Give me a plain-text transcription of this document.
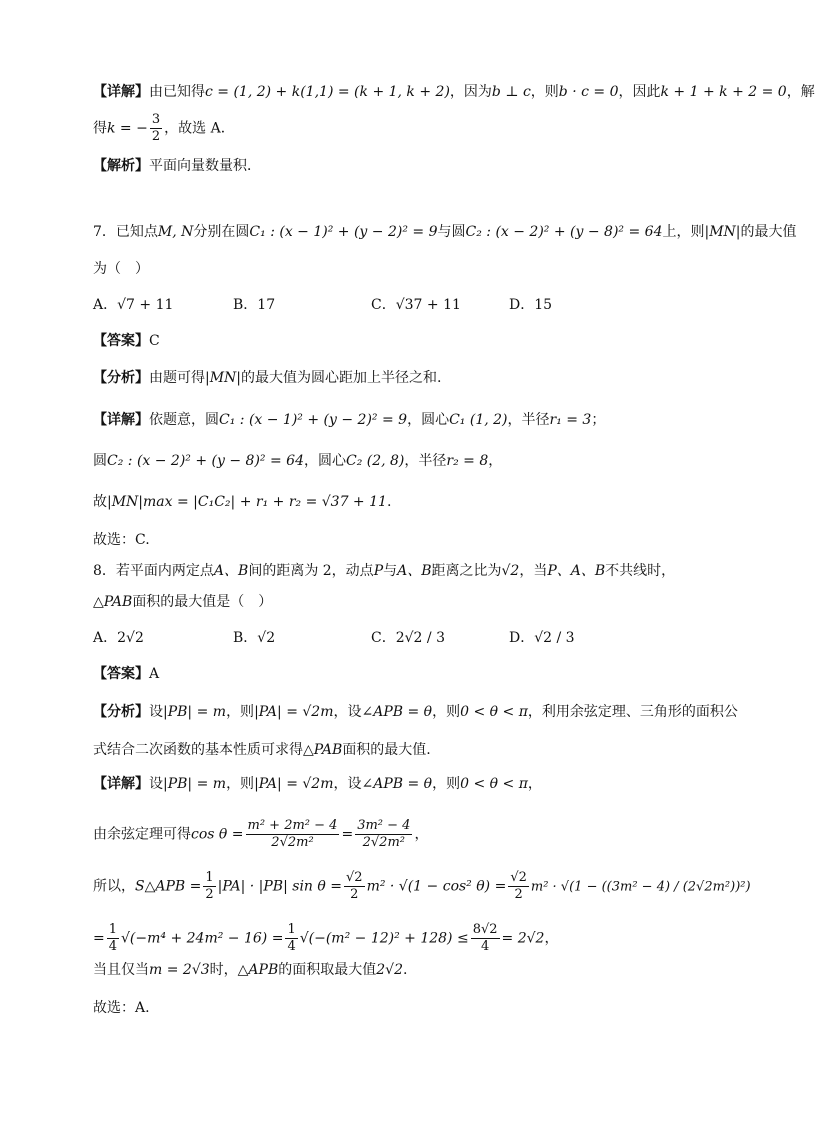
【详解】由已知得c = (1, 2) + k(1,1) = (k + 1, k + 2)，因为b ⊥ c，则b · c = 0，因此k + 1 + k + 2 = 0，解
得k = − $\frac{3}{2}$ ，故选 A．
【解析】平面向量数量积．
7．已知点M, N分别在圆C₁ : (x − 1)² + (y − 2)² = 9与圆C₂ : (x − 2)² + (y − 8)² = 64上，则|MN|的最大值
为（　）
A．√7 + 11	B．17	C．√37 + 11	D．15
【答案】C
【分析】由题可得|MN|的最大值为圆心距加上半径之和.
【详解】依题意，圆C₁ : (x − 1)² + (y − 2)² = 9，圆心C₁ (1, 2)，半径r₁ = 3；
圆C₂ : (x − 2)² + (y − 8)² = 64，圆心C₂ (2, 8)，半径r₂ = 8，
故|MN|max = |C₁C₂| + r₁ + r₂ = √37 + 11.
故选：C.
8．若平面内两定点A、B间的距离为 2，动点P与A、B距离之比为√2，当P、A、B不共线时，
△PAB面积的最大值是（　）
A．2√2	B．√2	C．2√2 / 3	D．√2 / 3
【答案】A
【分析】设|PB| = m，则|PA| = √2m，设∠APB = θ，则0 < θ < π，利用余弦定理、三角形的面积公
式结合二次函数的基本性质可求得△PAB面积的最大值.
【详解】设|PB| = m，则|PA| = √2m，设∠APB = θ，则0 < θ < π，
由余弦定理可得$\cos \theta = \frac{\text{m² + 2m² − 4}}{\text{2√2m²}} = \frac{\text{3m² − 4}}{\text{2√2m²}}$ ，
所以，S△APB = $\frac{1}{2} |PA| \cdot |PB|$ $\sin \theta = \frac{√2}{2} m^2 \cdot √(1 - \cos^2$ $\theta) = \frac{√2}{2} m^2 \cdot √(1 - ((3m^2 - 4) / (2√2m^2))^2)$
= $\frac{1}{4} √(-m^4 + 24m^2 - 16) = \frac{1}{4} √(-(m^2 - 12)^2 + 128) \le \frac{8√2}{4} = 2√2$，
当且仅当m = 2√3时，△APB的面积取最大值2√2.
故选：A.
